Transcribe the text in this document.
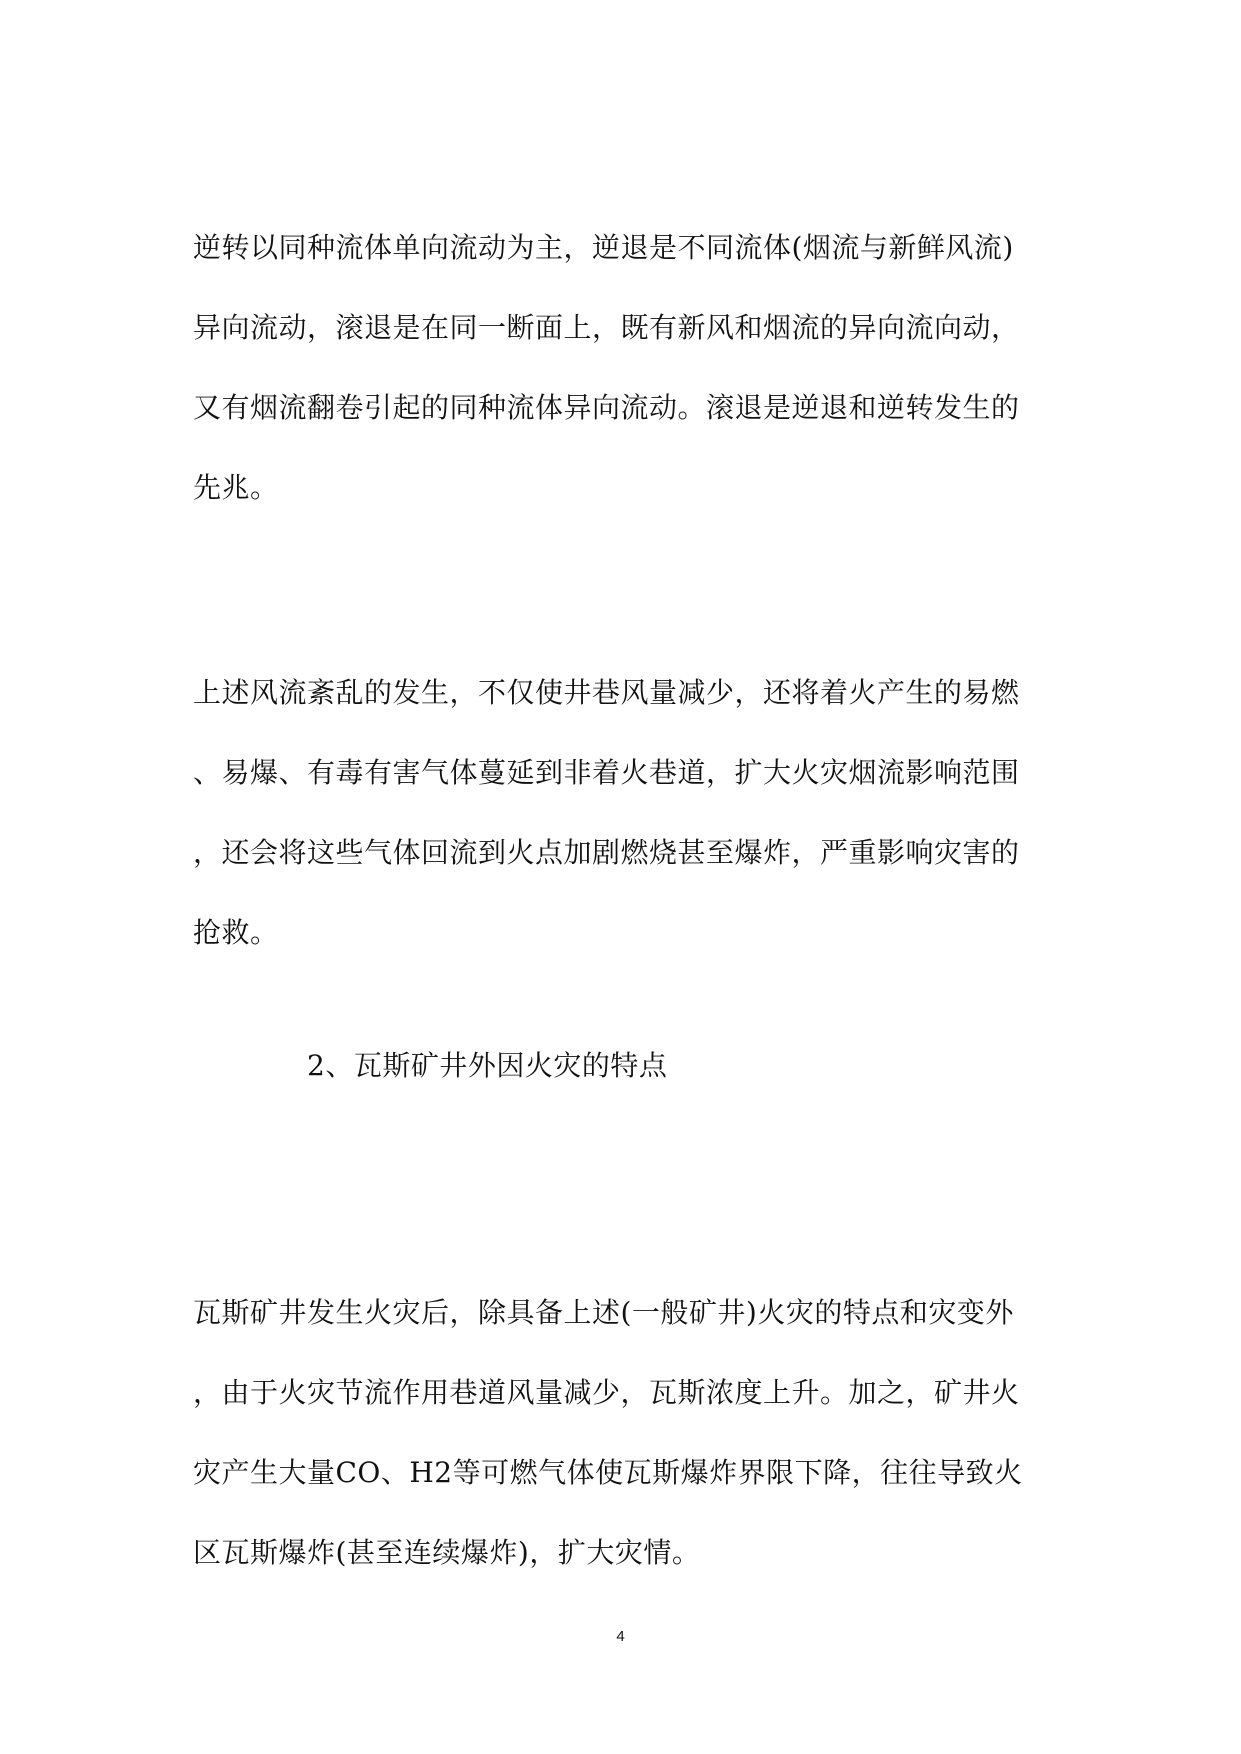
逆转以同种流体单向流动为主，逆退是不同流体(烟流与新鲜风流)
异向流动，滚退是在同一断面上，既有新风和烟流的异向流向动，
又有烟流翻卷引起的同种流体异向流动。滚退是逆退和逆转发生的
先兆。
上述风流紊乱的发生，不仅使井巷风量减少，还将着火产生的易燃
、易爆、有毒有害气体蔓延到非着火巷道，扩大火灾烟流影响范围
，还会将这些气体回流到火点加剧燃烧甚至爆炸，严重影响灾害的
抢救。
2、瓦斯矿井外因火灾的特点
瓦斯矿井发生火灾后，除具备上述(一般矿井)火灾的特点和灾变外
，由于火灾节流作用巷道风量减少，瓦斯浓度上升。加之，矿井火
灾产生大量CO、H2等可燃气体使瓦斯爆炸界限下降，往往导致火
区瓦斯爆炸(甚至连续爆炸)，扩大灾情。
4
